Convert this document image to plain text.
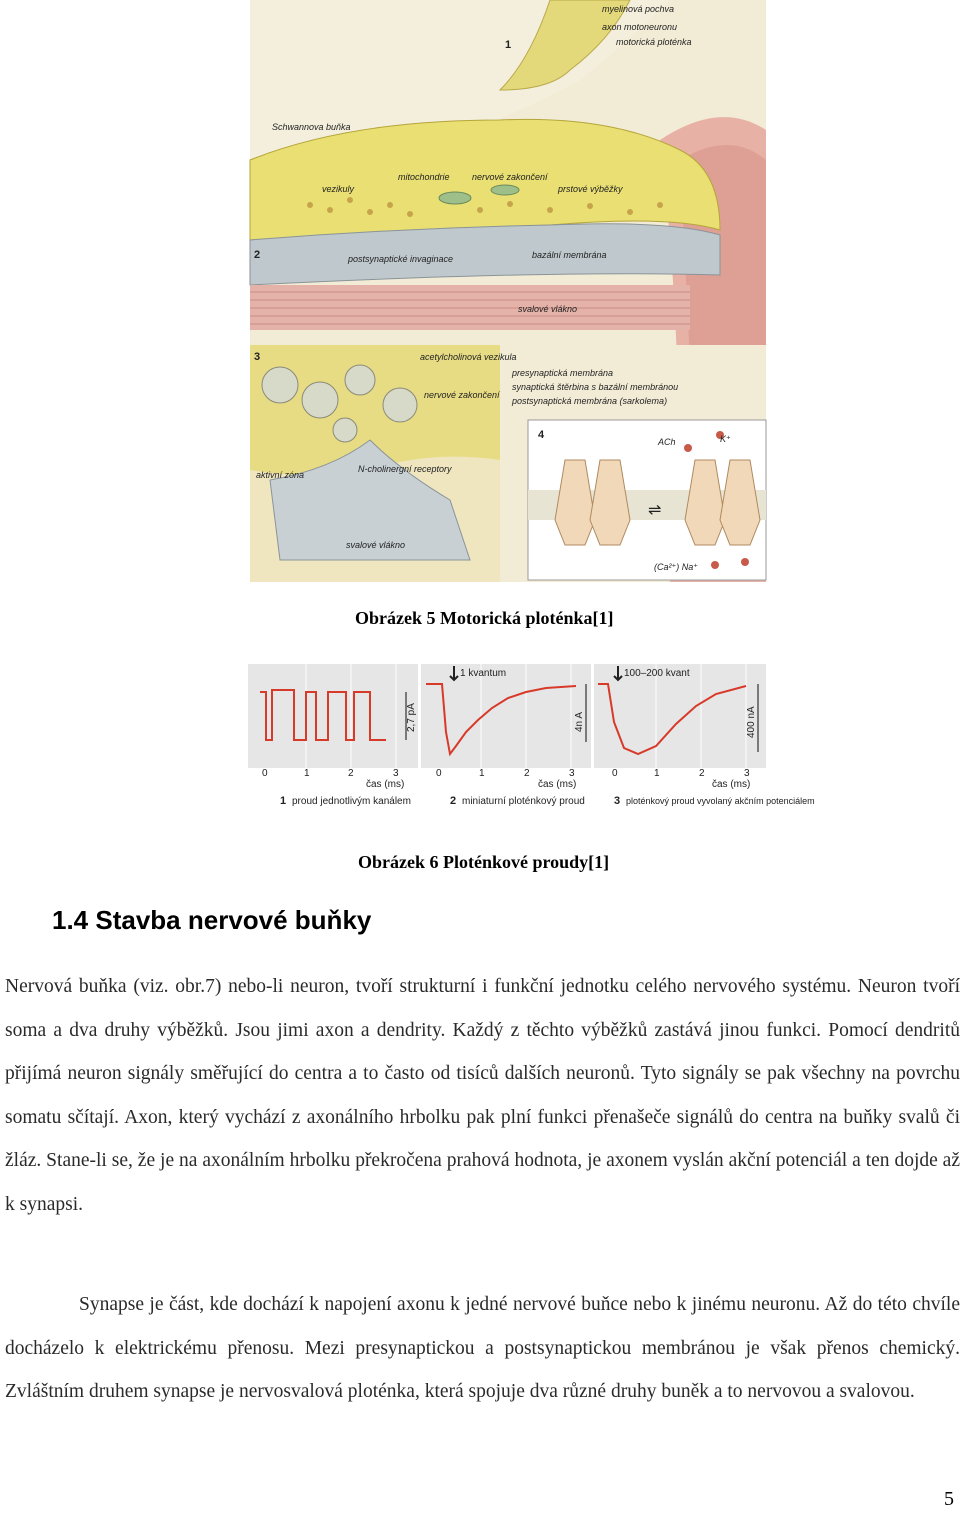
⇌
1
2
3
4
myelinová pochva
axon motoneuronu
motorická ploténka
Schwannova buňka
vezikuly
mitochondrie nervové zakončení
prstové výběžky
postsynaptické invaginace	bazální membrána
svalové vlákno
acetylcholinová vezikula
nervové zakončení
presynaptická membrána
synaptická štěrbina s bazální membránou
postsynaptická membrána (sarkolema)
aktivní zóna
N-cholinergní receptory
svalové vlákno
ACh	K⁺
(Ca²⁺) Na⁺
Obrázek 5 Motorická ploténka[1]
1 kvantum	100–200 kvant
2,7 pA	4n A	400 nA
0	1	2	3	0	1	2	3	0	1	2	3
čas (ms)	čas (ms)	čas (ms)
1 proud jednotlivým kanálem	2 miniaturní ploténkový proud	3 ploténkový proud vyvolaný akčním potenciálem
Obrázek 6 Ploténkové proudy[1]
1.4 Stavba nervové buňky

Nervová buňka (viz. obr.7) nebo-li neuron, tvoří strukturní i funkční jednotku celého nervového systému. Neuron tvoří soma a dva druhy výběžků. Jsou jimi axon a dendrity. Každý z těchto výběžků zastává jinou funkci. Pomocí dendritů přijímá neuron signály směřující do centra a to často od tisíců dalších neuronů. Tyto signály se pak všechny na povrchu somatu sčítají. Axon, který vychází z axonálního hrbolku pak plní funkci přenašeče signálů do centra na buňky svalů či žláz. Stane-li se, že je na axonálním hrbolku překročena prahová hodnota, je axonem vyslán akční potenciál a ten dojde až k synapsi.

Synapse je část, kde dochází k napojení axonu k jedné nervové buňce nebo k jinému neuronu. Až do této chvíle docházelo k elektrickému přenosu. Mezi presynaptickou a postsynaptickou membránou je však přenos chemický. Zvláštním druhem synapse je nervosvalová ploténka, která spojuje dva různé druhy buněk a to nervovou a svalovou.

5
